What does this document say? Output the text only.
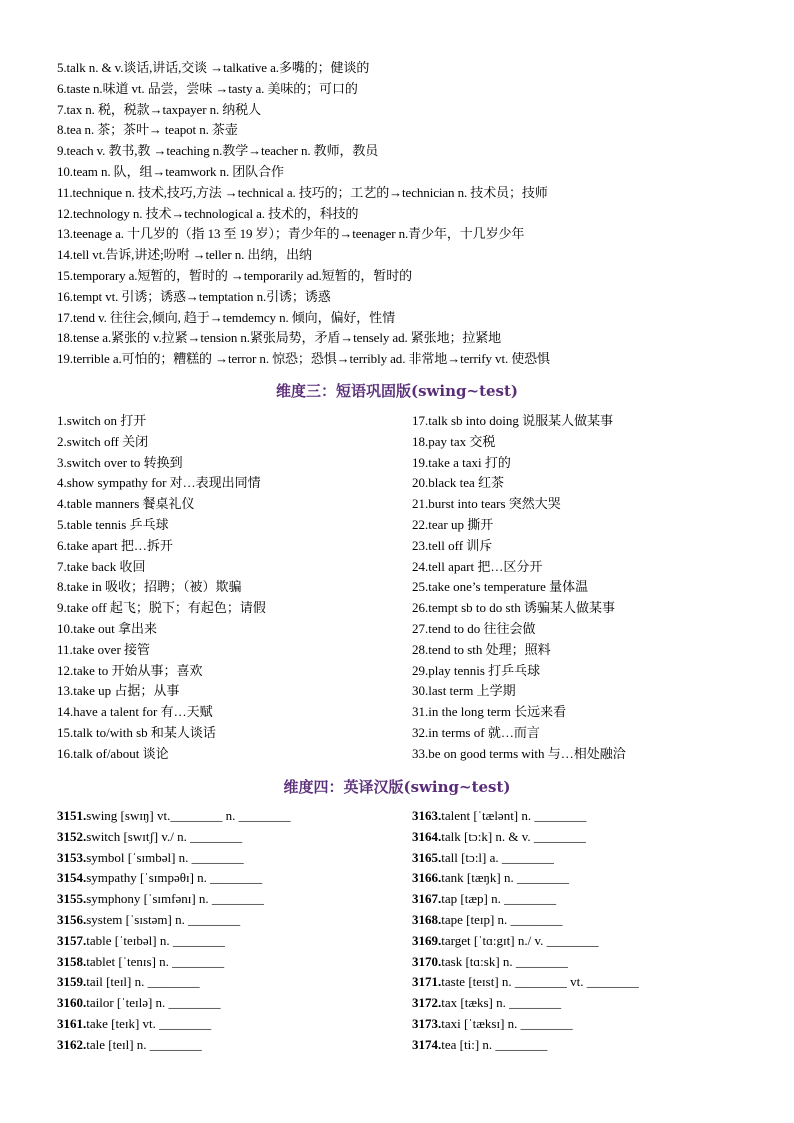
5.talk n. & v.谈话,讲话,交谈 →talkative a.多嘴的；健谈的
6.taste n.味道 vt. 品尝，尝味 →tasty a. 美味的；可口的
7.tax n. 税，税款→taxpayer n. 纳税人
8.tea n. 茶；茶叶→ teapot n. 茶壶
9.teach v. 教书,教 →teaching n.教学→teacher n. 教师，教员
10.team n. 队，组→teamwork n. 团队合作
11.technique n. 技术,技巧,方法 →technical a. 技巧的；工艺的→technician n. 技术员；技师
12.technology n. 技术→technological a. 技术的，科技的
13.teenage a. 十几岁的（指 13 至 19 岁）；青少年的→teenager n.青少年，十几岁少年
14.tell vt.告诉,讲述;吩咐 →teller n. 出纳，出纳
15.temporary a.短暂的，暂时的 →temporarily ad.短暂的，暂时的
16.tempt vt. 引诱；诱惑→temptation n.引诱；诱惑
17.tend v. 往往会,倾向, 趋于→temdemcy n. 倾向，偏好，性情
18.tense a.紧张的 v.拉紧→tension n.紧张局势，矛盾→tensely ad. 紧张地；拉紧地
19.terrible a.可怕的；糟糕的 →terror n. 惊恐；恐惧→terribly ad. 非常地→terrify vt. 使恐惧
维度三：短语巩固版(swing~test)
1.switch on 打开
2.switch off 关闭
3.switch over to 转换到
4.show sympathy for 对…表现出同情
4.table manners 餐桌礼仪
5.table tennis 乒乓球
6.take apart 把…拆开
7.take back 收回
8.take in 吸收；招聘；（被）欺骗
9.take off 起飞；脱下；有起色；请假
10.take out 拿出来
11.take over 接管
12.take to 开始从事；喜欢
13.take up 占据；从事
14.have a talent for 有…天赋
15.talk to/with sb 和某人谈话
16.talk of/about 谈论
17.talk sb into doing 说服某人做某事
18.pay tax 交税
19.take a taxi 打的
20.black tea 红茶
21.burst into tears 突然大哭
22.tear up 撕开
23.tell off 训斥
24.tell apart 把…区分开
25.take one’s temperature 量体温
26.tempt sb to do sth 诱骗某人做某事
27.tend to do 往往会做
28.tend to sth 处理；照料
29.play tennis 打乒乓球
30.last term 上学期
31.in the long term 长远来看
32.in terms of 就…而言
33.be on good terms with 与…相处融洽
维度四：英译汉版(swing~test)
3151.swing [swɪŋ] vt.________ n. ________
3152.switch [swɪtʃ] v./ n. ________
3153.symbol [ˈsɪmbəl] n. ________
3154.sympathy [ˈsɪmpəθɪ] n. ________
3155.symphony [ˈsɪmfənɪ] n. ________
3156.system [ˈsɪstəm] n. ________
3157.table [ˈteɪbəl] n. ________
3158.tablet [ˈtenɪs] n. ________
3159.tail [teɪl] n. ________
3160.tailor [ˈteɪlə] n. ________
3161.take [teɪk] vt. ________
3162.tale [teɪl] n. ________
3163.talent [ˈtælənt] n. ________
3164.talk [tɔ:k] n. & v. ________
3165.tall [tɔ:l] a. ________
3166.tank [tæŋk] n. ________
3167.tap [tæp] n. ________
3168.tape [teɪp] n. ________
3169.target [ˈtɑ:gɪt] n./ v. ________
3170.task [tɑ:sk] n. ________
3171.taste [teɪst] n. ________ vt. ________
3172.tax [tæks] n. ________
3173.taxi [ˈtæksɪ] n. ________
3174.tea [ti:] n. ________
